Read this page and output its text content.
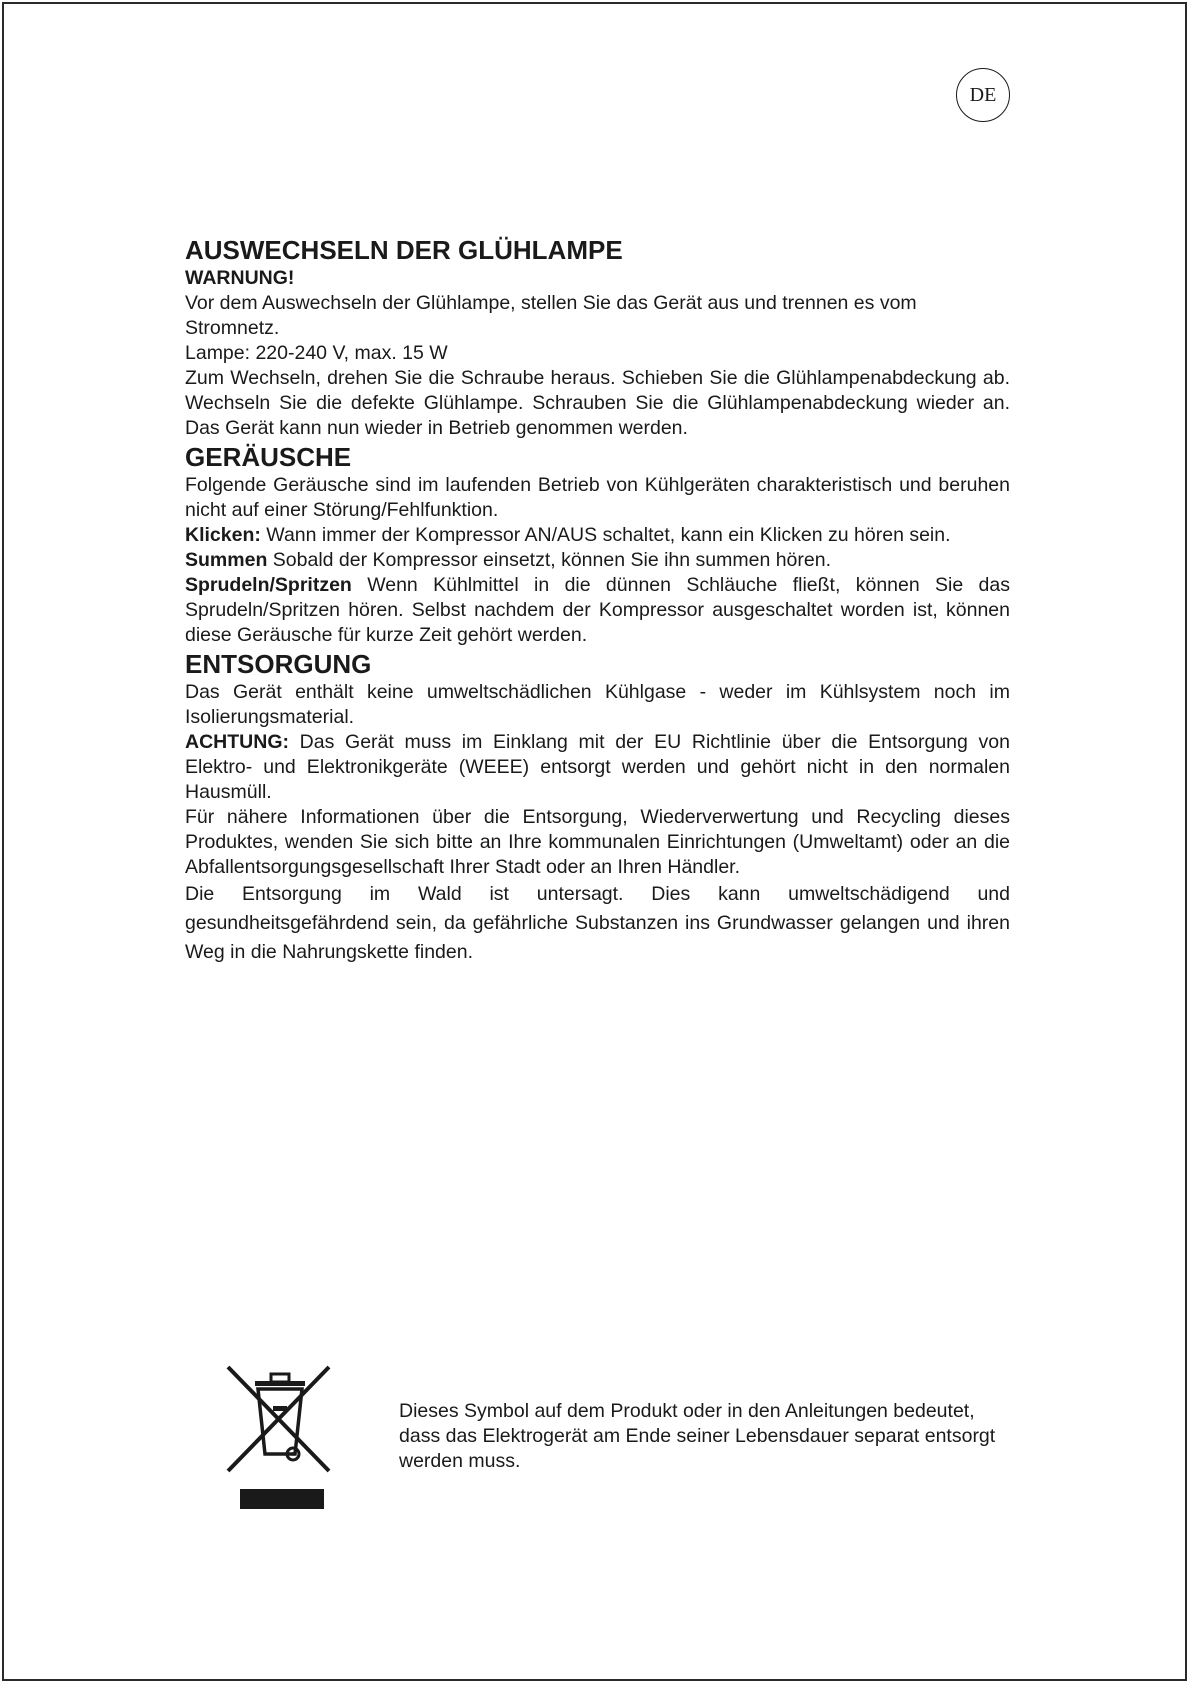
DE
AUSWECHSELN DER GLÜHLAMPE

WARNUNG!

Vor dem Auswechseln der Glühlampe, stellen Sie das Gerät aus und trennen es vom Stromnetz.

Lampe: 220-240 V, max. 15 W

Zum Wechseln, drehen Sie die Schraube heraus. Schieben Sie die Glühlampenabdeckung ab. Wechseln Sie die defekte Glühlampe. Schrauben Sie die Glühlampenabdeckung wieder an. Das Gerät kann nun wieder in Betrieb genommen werden.

GERÄUSCHE

Folgende Geräusche sind im laufenden Betrieb von Kühlgeräten charakteristisch und beruhen nicht auf einer Störung/Fehlfunktion.

Klicken: Wann immer der Kompressor AN/AUS schaltet, kann ein Klicken zu hören sein.

Summen Sobald der Kompressor einsetzt, können Sie ihn summen hören.

Sprudeln/Spritzen Wenn Kühlmittel in die dünnen Schläuche fließt, können Sie das Sprudeln/Spritzen hören. Selbst nachdem der Kompressor ausgeschaltet worden ist, können diese Geräusche für kurze Zeit gehört werden.

ENTSORGUNG

Das Gerät enthält keine umweltschädlichen Kühlgase - weder im Kühlsystem noch im Isolierungsmaterial.

ACHTUNG: Das Gerät muss im Einklang mit der EU Richtlinie über die Entsorgung von Elektro- und Elektronikgeräte (WEEE) entsorgt werden und gehört nicht in den normalen Hausmüll.

Für nähere Informationen über die Entsorgung, Wiederverwertung und Recycling dieses Produktes, wenden Sie sich bitte an Ihre kommunalen Einrichtungen (Umweltamt) oder an die Abfallentsorgungsgesellschaft Ihrer Stadt oder an Ihren Händler.

Die Entsorgung im Wald ist untersagt. Dies kann umweltschädigend und gesundheitsgefährdend sein, da gefährliche Substanzen ins Grundwasser gelangen und ihren Weg in die Nahrungskette finden.

Dieses Symbol auf dem Produkt oder in den Anleitungen bedeutet, dass das Elektrogerät am Ende seiner Lebensdauer separat entsorgt werden muss.
